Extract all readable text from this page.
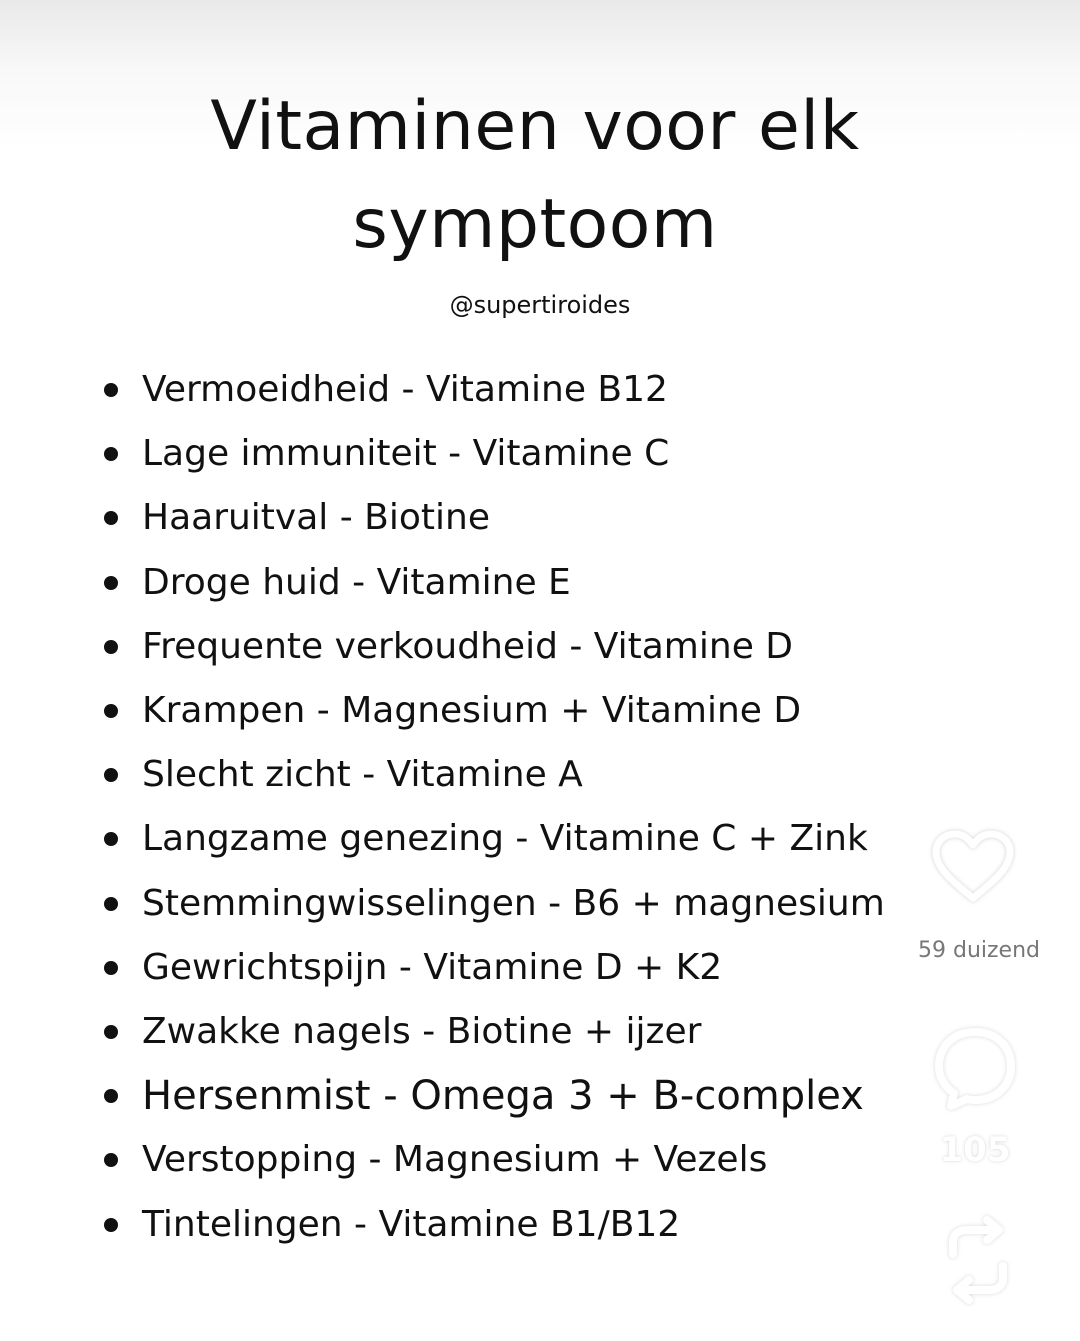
Vitaminen voor elk
symptoom
@supertiroides
Vermoeidheid - Vitamine B12
Lage immuniteit - Vitamine C
Haaruitval - Biotine
Droge huid - Vitamine E
Frequente verkoudheid - Vitamine D
Krampen - Magnesium + Vitamine D
Slecht zicht - Vitamine A
Langzame genezing - Vitamine C + Zink
Stemmingwisselingen - B6 + magnesium
Gewrichtspijn - Vitamine D + K2
Zwakke nagels - Biotine + ijzer
Hersenmist - Omega 3 + B-complex
Verstopping - Magnesium + Vezels
Tintelingen - Vitamine B1/B12
59 duizend
105
